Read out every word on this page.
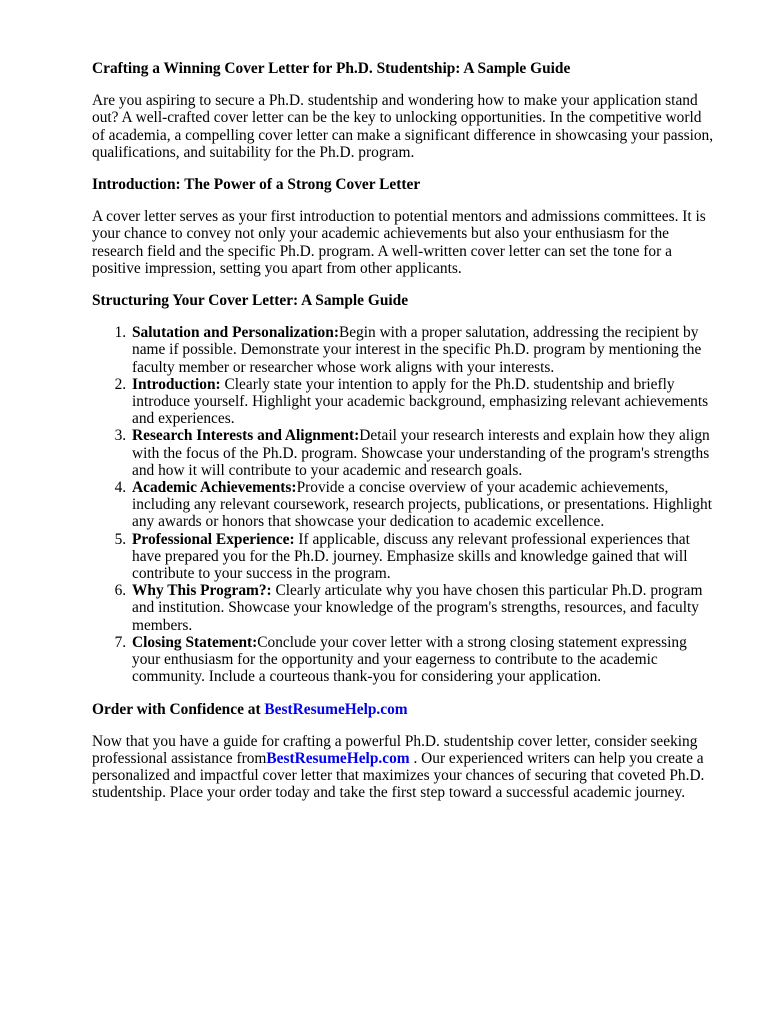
Crafting a Winning Cover Letter for Ph.D. Studentship: A Sample Guide

Are you aspiring to secure a Ph.D. studentship and wondering how to make your application stand out? A well-crafted cover letter can be the key to unlocking opportunities. In the competitive world of academia, a compelling cover letter can make a significant difference in showcasing your passion, qualifications, and suitability for the Ph.D. program.

Introduction: The Power of a Strong Cover Letter

A cover letter serves as your first introduction to potential mentors and admissions committees. It is your chance to convey not only your academic achievements but also your enthusiasm for the research field and the specific Ph.D. program. A well-written cover letter can set the tone for a positive impression, setting you apart from other applicants.

Structuring Your Cover Letter: A Sample Guide
1. Salutation and Personalization:Begin with a proper salutation, addressing the recipient by name if possible. Demonstrate your interest in the specific Ph.D. program by mentioning the faculty member or researcher whose work aligns with your interests.
2. Introduction: Clearly state your intention to apply for the Ph.D. studentship and briefly introduce yourself. Highlight your academic background, emphasizing relevant achievements and experiences.
3. Research Interests and Alignment:Detail your research interests and explain how they align with the focus of the Ph.D. program. Showcase your understanding of the program's strengths and how it will contribute to your academic and research goals.
4. Academic Achievements:Provide a concise overview of your academic achievements, including any relevant coursework, research projects, publications, or presentations. Highlight any awards or honors that showcase your dedication to academic excellence.
5. Professional Experience: If applicable, discuss any relevant professional experiences that have prepared you for the Ph.D. journey. Emphasize skills and knowledge gained that will contribute to your success in the program.
6. Why This Program?: Clearly articulate why you have chosen this particular Ph.D. program and institution. Showcase your knowledge of the program's strengths, resources, and faculty members.
7. Closing Statement:Conclude your cover letter with a strong closing statement expressing your enthusiasm for the opportunity and your eagerness to contribute to the academic community. Include a courteous thank-you for considering your application.
Order with Confidence at BestResumeHelp.com

Now that you have a guide for crafting a powerful Ph.D. studentship cover letter, consider seeking professional assistance fromBestResumeHelp.com . Our experienced writers can help you create a personalized and impactful cover letter that maximizes your chances of securing that coveted Ph.D. studentship. Place your order today and take the first step toward a successful academic journey.
